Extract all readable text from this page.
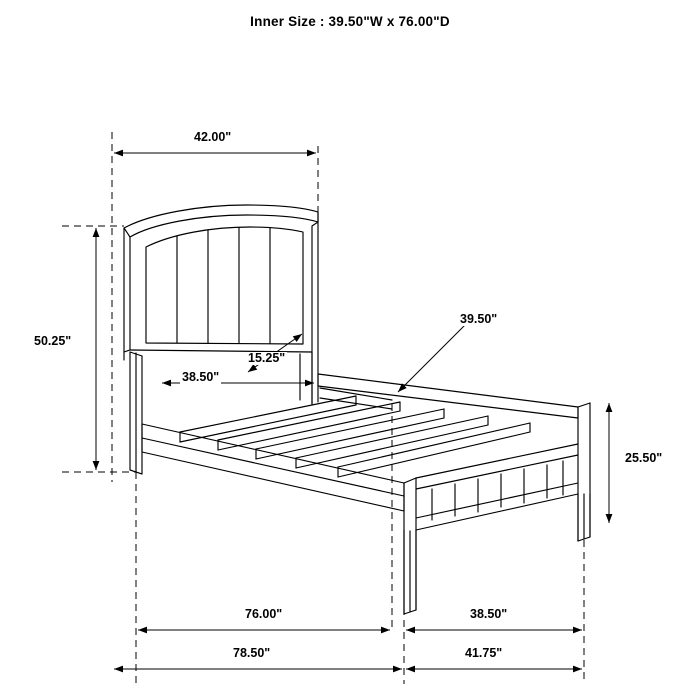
Inner Size : 39.50"W x 76.00"D
42.00"
50.25"
38.50"
15.25"
39.50"
25.50"
76.00"	38.50"
78.50"	41.75"
